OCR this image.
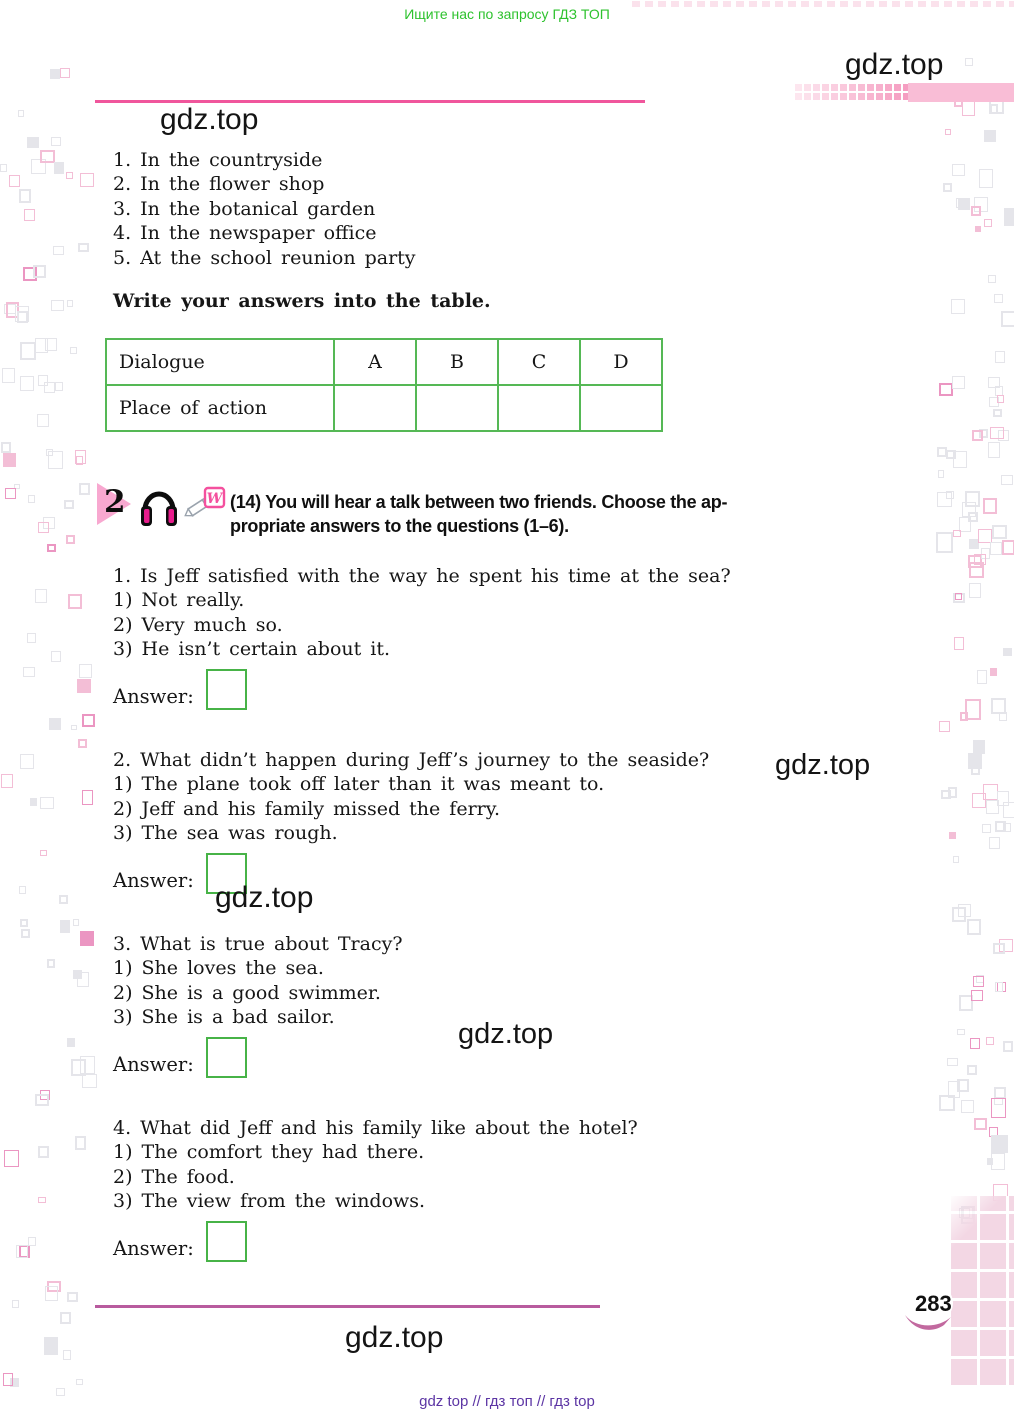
Ищите нас по запросу ГДЗ ТОП
gdz.top
gdz.top
1. In the countryside
2. In the flower shop
3. In the botanical garden
4. In the newspaper office
5. At the school reunion party
Write your answers into the table.
Dialogue	A	B	C	D
Place of action				
2	W (14) You will hear a talk between two friends. Choose the ap-
propriate answers to the questions (1–6).
1. Is Jeff satisfied with the way he spent his time at the sea?
1) Not really.
2) Very much so.
3) He isn’t certain about it.
Answer:
2. What didn’t happen during Jeff’s journey to the seaside?
1) The plane took off later than it was meant to.
2) Jeff and his family missed the ferry.
3) The sea was rough.
Answer:
3. What is true about Tracy?
1) She loves the sea.
2) She is a good swimmer.
3) She is a bad sailor.
Answer:
4. What did Jeff and his family like about the hotel?
1) The comfort they had there.
2) The food.
3) The view from the windows.
Answer:
gdz.top
gdz.top
gdz.top
gdz.top
283
gdz top // гдз топ // гдз top
